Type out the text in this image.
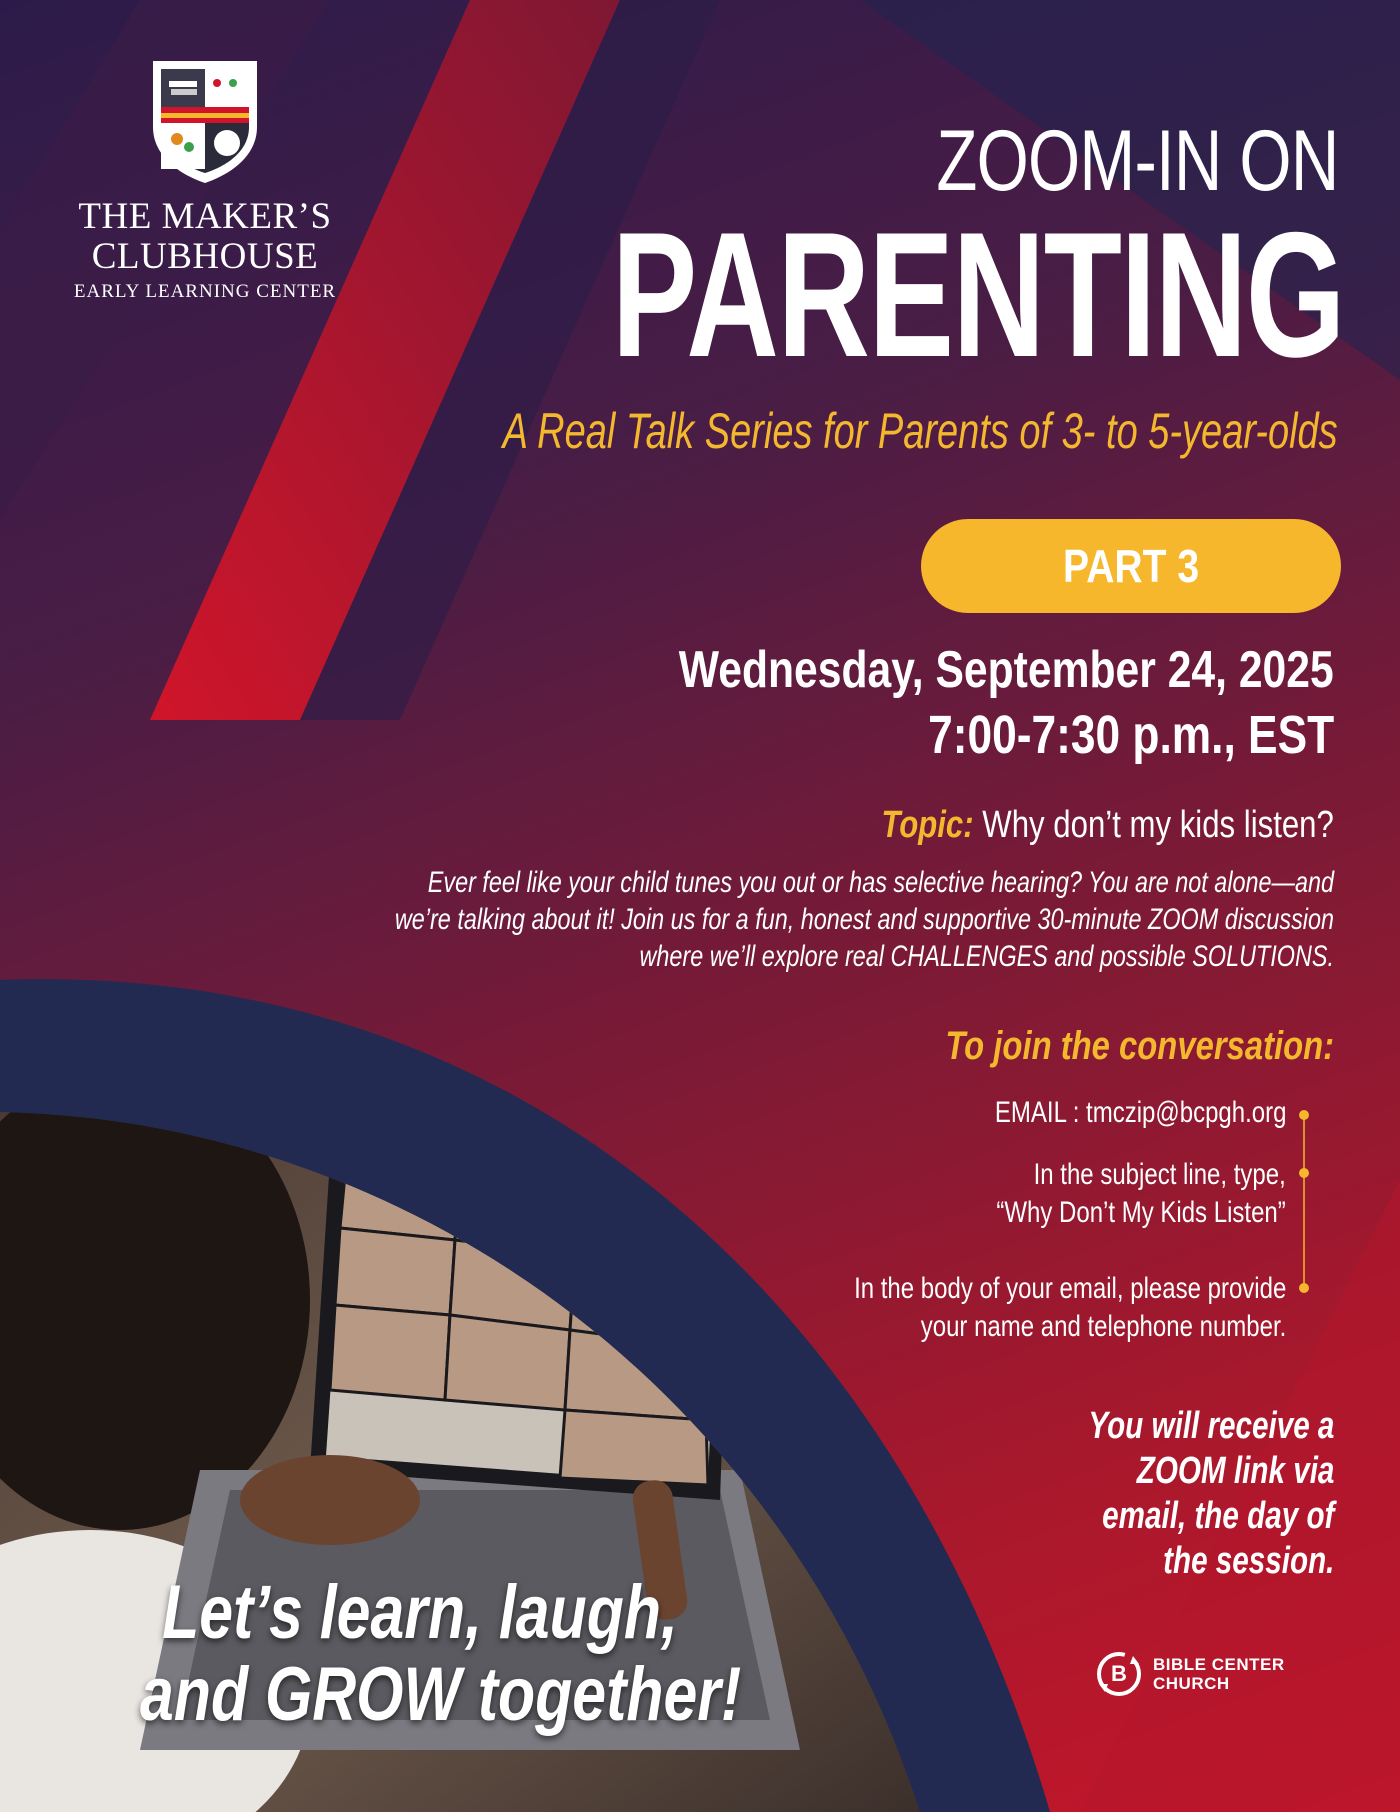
THE MAKER’S
CLUBHOUSE
EARLY LEARNING CENTER
ZOOM-IN ON
PARENTING
A Real Talk Series for Parents of 3- to 5-year-olds
PART 3
Wednesday, September 24, 2025
7:00-7:30 p.m., EST
Topic: Why don’t my kids listen?
Ever feel like your child tunes you out or has selective hearing? You are not alone—and
we’re talking about it! Join us for a fun, honest and supportive 30-minute ZOOM discussion
where we’ll explore real CHALLENGES and possible SOLUTIONS.
To join the conversation:
EMAIL : tmczip@bcpgh.org
In the subject line, type,
“Why Don’t My Kids Listen”
In the body of your email, please provide
your name and telephone number.
You will receive a
ZOOM link via
email, the day of
the session.
Let’s learn, laugh,
and GROW together!	B BIBLE CENTER
CHURCH
